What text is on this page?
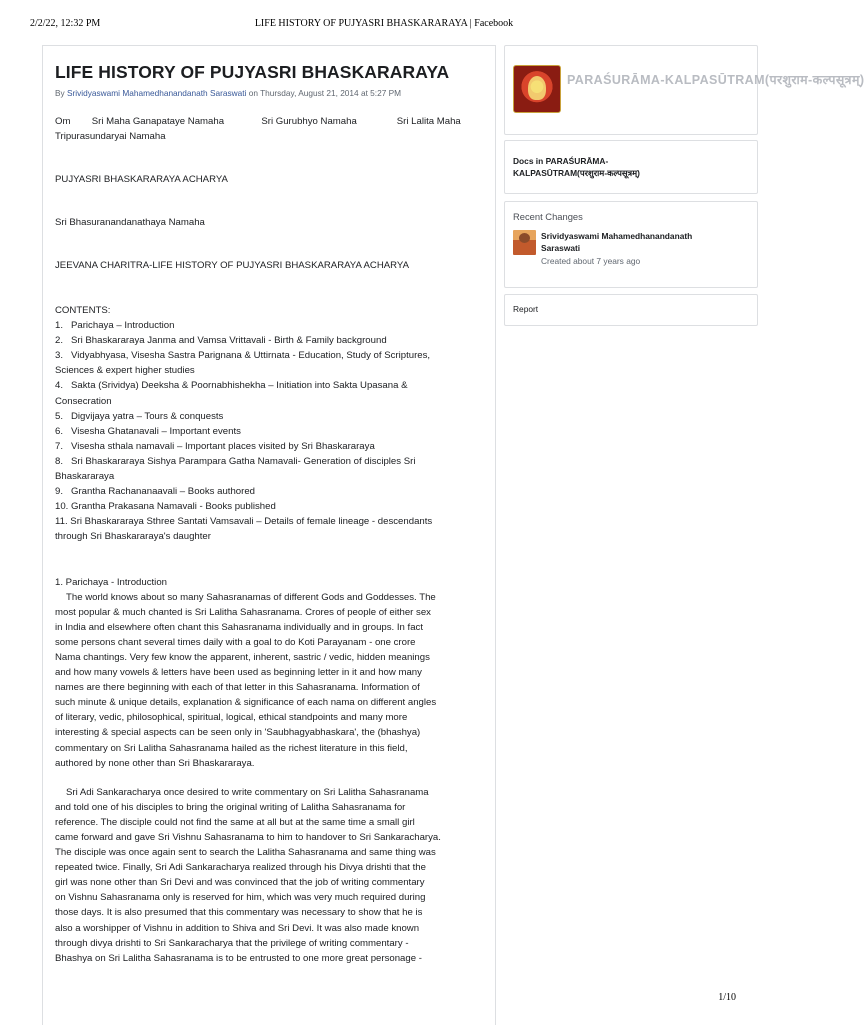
2/2/22, 12:32 PM	LIFE HISTORY OF PUJYASRI BHASKARARAYA | Facebook
LIFE HISTORY OF PUJYASRI BHASKARARAYA
By Srividyaswami Mahamedhanandanath Saraswati on Thursday, August 21, 2014 at 5:27 PM

Om        Sri Maha Ganapataye Namaha              Sri Gurubhyo Namaha               Sri Lalita Maha
Tripurasundaryai Namaha

PUJYASRI BHASKARARAYA ACHARYA

Sri Bhasuranandanathaya Namaha

JEEVANA CHARITRA-LIFE HISTORY OF PUJYASRI BHASKARARAYA ACHARYA

CONTENTS:
1.   Parichaya – Introduction
2.   Sri Bhaskararaya Janma and Vamsa Vrittavali - Birth & Family background
3.   Vidyabhyasa, Visesha Sastra Parignana & Uttirnata - Education, Study of Scriptures,
Sciences & expert higher studies
4.   Sakta (Srividya) Deeksha & Poornabhishekha – Initiation into Sakta Upasana &
Consecration
5.   Digvijaya yatra – Tours & conquests
6.   Visesha Ghatanavali – Important events
7.   Visesha sthala namavali – Important places visited by Sri Bhaskararaya
8.   Sri Bhaskararaya Sishya Parampara Gatha Namavali- Generation of disciples Sri
Bhaskararaya
9.   Grantha Rachananaavali – Books authored
10. Grantha Prakasana Namavali - Books published
11. Sri Bhaskararaya Sthree Santati Vamsavali – Details of female lineage - descendants
through Sri Bhaskararaya's daughter
1. Parichaya - Introduction

The world knows about so many Sahasranamas of different Gods and Goddesses. The
most popular & much chanted is Sri Lalitha Sahasranama. Crores of people of either sex
in India and elsewhere often chant this Sahasranama individually and in groups. In fact
some persons chant several times daily with a goal to do Koti Parayanam - one crore
Nama chantings. Very few know the apparent, inherent, sastric / vedic, hidden meanings
and how many vowels & letters have been used as beginning letter in it and how many
names are there beginning with each of that letter in this Sahasranama. Information of
such minute & unique details, explanation & significance of each nama on different angles
of literary, vedic, philosophical, spiritual, logical, ethical standpoints and many more
interesting & special aspects can be seen only in 'Saubhagyabhaskara', the (bhashya)
commentary on Sri Lalitha Sahasranama hailed as the richest literature in this field,
authored by none other than Sri Bhaskararaya.

Sri Adi Sankaracharya once desired to write commentary on Sri Lalitha Sahasranama
and told one of his disciples to bring the original writing of Lalitha Sahasranama for
reference. The disciple could not find the same at all but at the same time a small girl
came forward and gave Sri Vishnu Sahasranama to him to handover to Sri Sankaracharya.
The disciple was once again sent to search the Lalitha Sahasranama and same thing was
repeated twice. Finally, Sri Adi Sankaracharya realized through his Divya drishti that the
girl was none other than Sri Devi and was convinced that the job of writing commentary
on Vishnu Sahasranama only is reserved for him, which was very much required during
those days. It is also presumed that this commentary was necessary to show that he is
also a worshipper of Vishnu in addition to Shiva and Sri Devi. It was also made known
through divya drishti to Sri Sankaracharya that the privilege of writing commentary -
Bhashya on Sri Lalitha Sahasranama is to be entrusted to one more great personage -

PARAŚURĀMA-KALPASŪTRAM(परशुराम-कल्पसूत्रम्)
Docs in PARAŚURĀMA-
KALPASŪTRAM(परशुराम-कल्पसूत्रम्)
Recent Changes
Srividyaswami Mahamedhanandanath
Saraswati
Created about 7 years ago
Report
1/10
